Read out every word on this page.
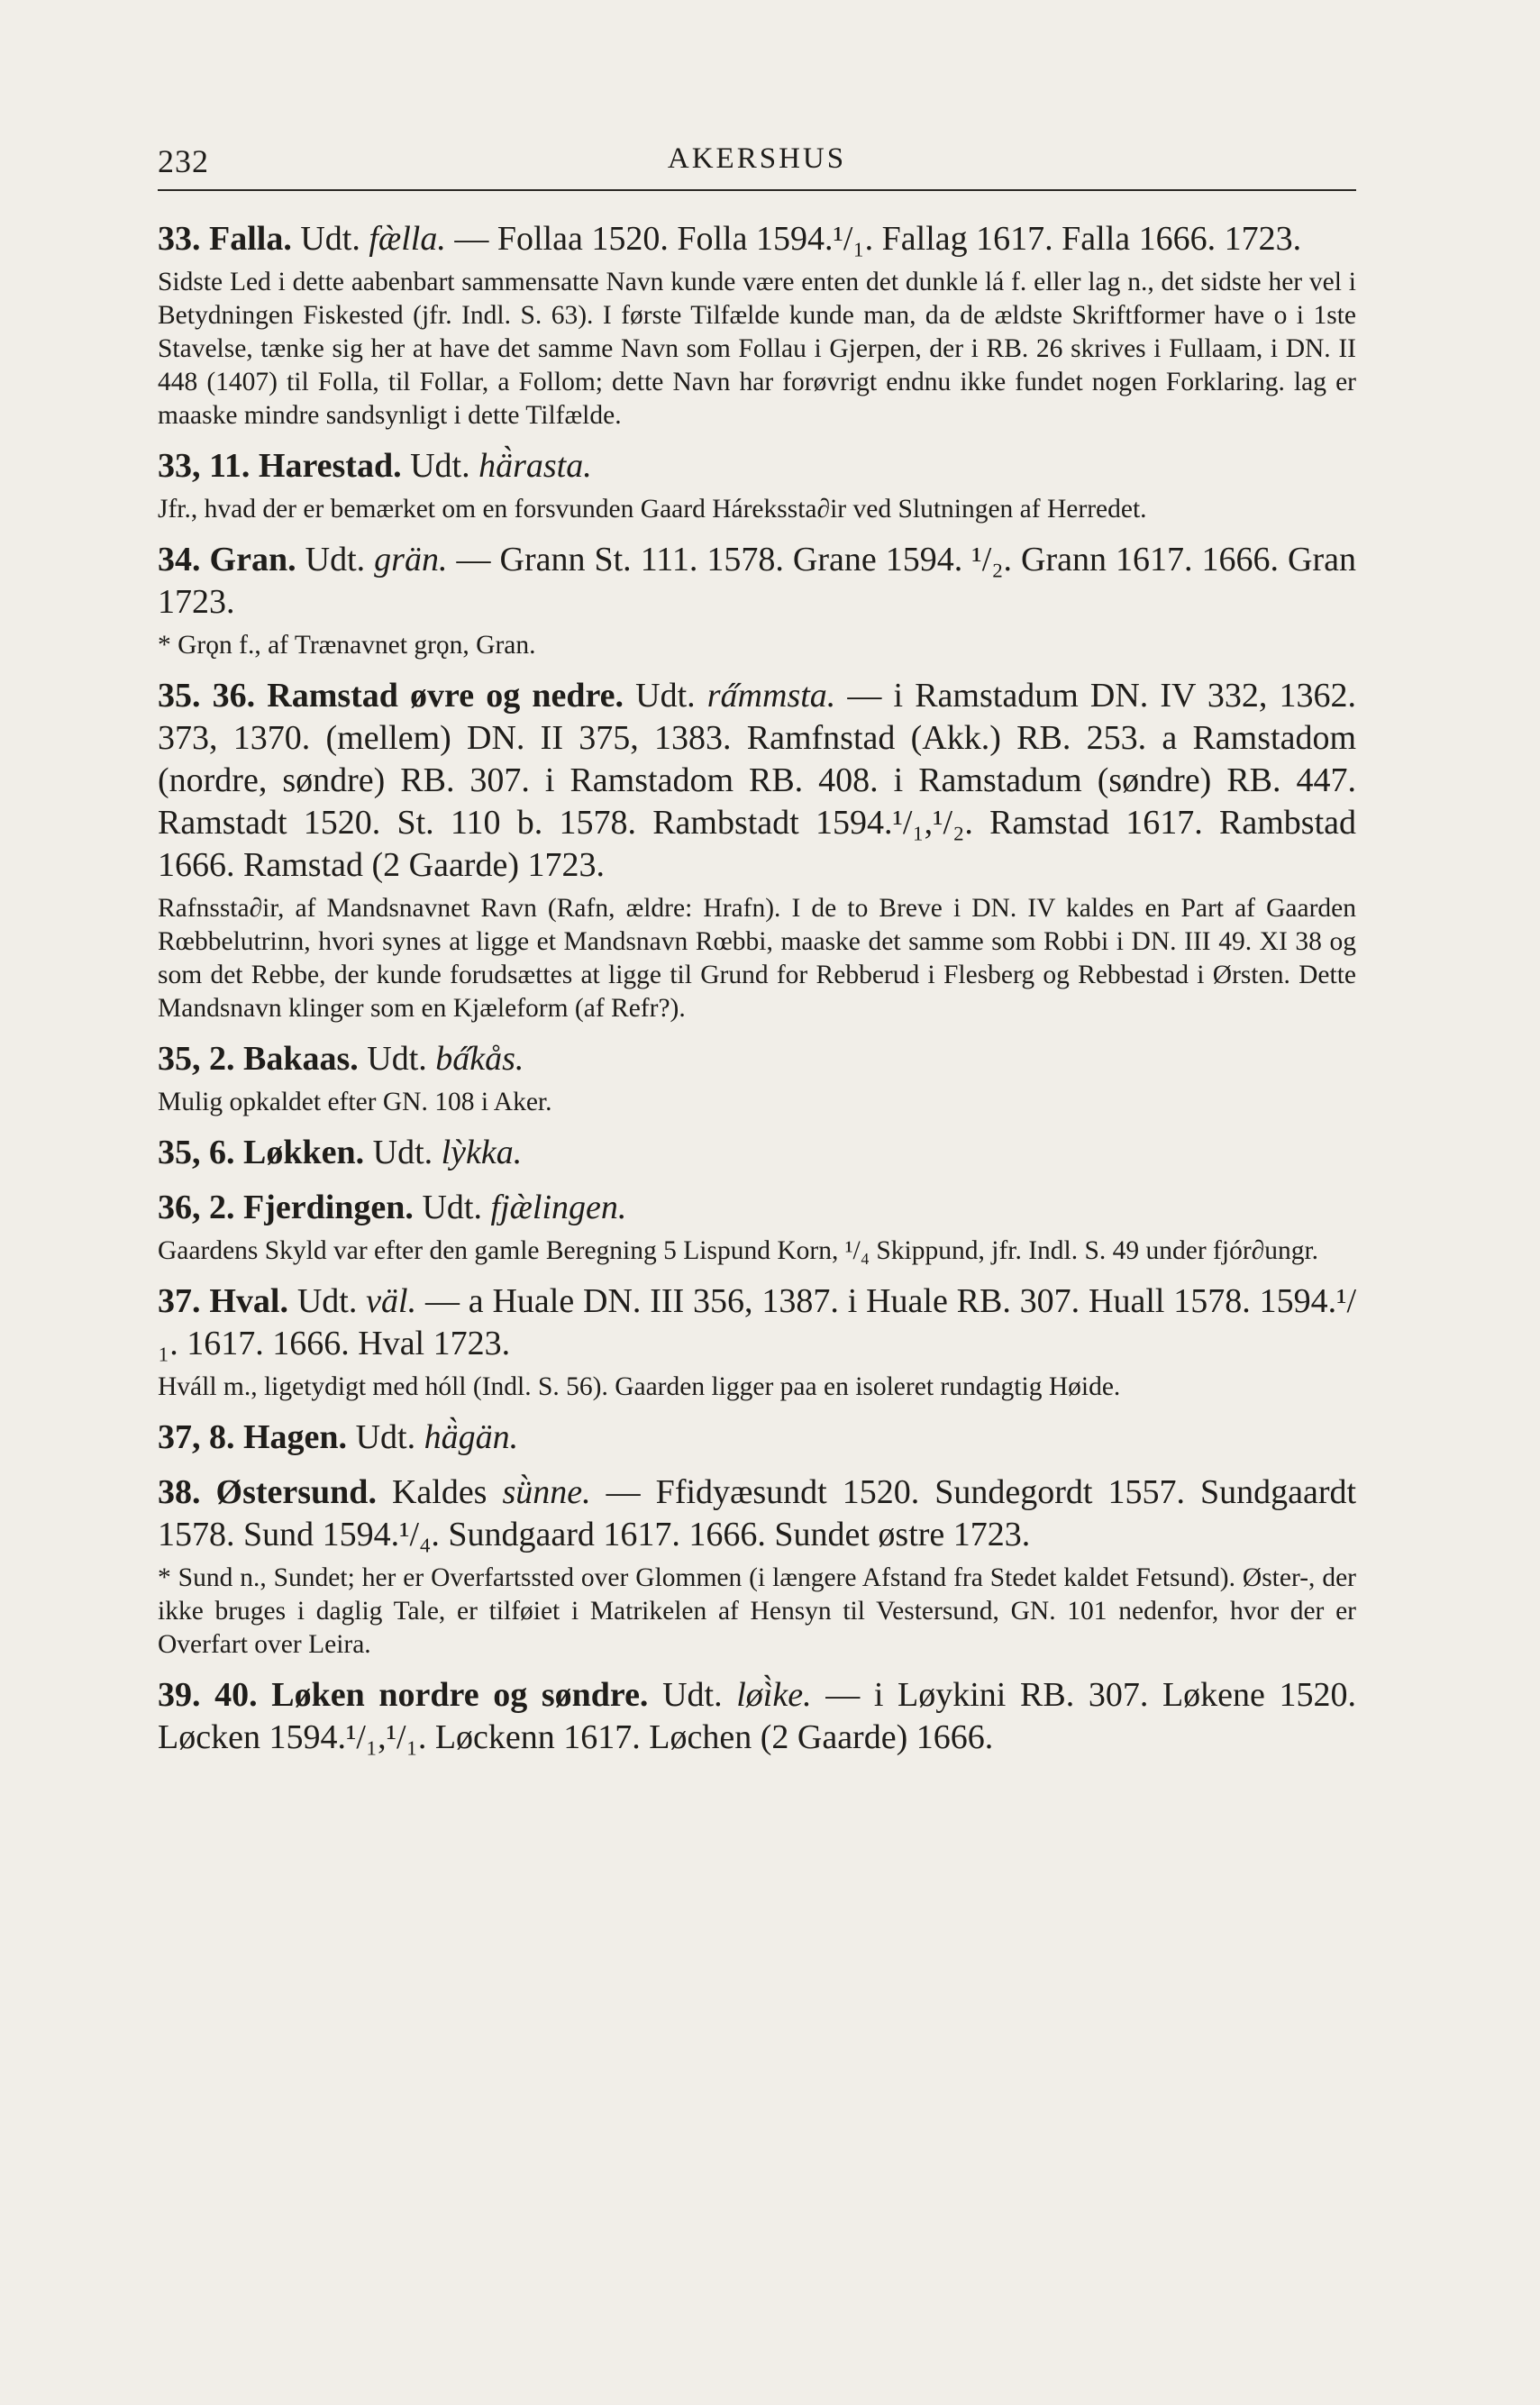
232	AKERSHUS

33. Falla. Udt. fæ̀lla. — Follaa 1520. Folla 1594.¹/₁. Fallag 1617. Falla 1666. 1723.

Sidste Led i dette aabenbart sammensatte Navn kunde være enten det dunkle lá f. eller lag n., det sidste her vel i Betydningen Fiskested (jfr. Indl. S. 63). I første Tilfælde kunde man, da de ældste Skriftformer have o i 1ste Stavelse, tænke sig her at have det samme Navn som Follau i Gjerpen, der i RB. 26 skrives i Fullaam, i DN. II 448 (1407) til Folla, til Follar, a Follom; dette Navn har forøvrigt endnu ikke fundet nogen Forklaring. lag er maaske mindre sandsynligt i dette Tilfælde.

33, 11. Harestad. Udt. hä̀rasta.

Jfr., hvad der er bemærket om en forsvunden Gaard Hárekssta∂ir ved Slutningen af Herredet.

34. Gran. Udt. grän. — Grann St. 111. 1578. Grane 1594. ¹/₂. Grann 1617. 1666. Gran 1723.

* Grǫn f., af Trænavnet grǫn, Gran.

35. 36. Ramstad øvre og nedre. Udt. ra̋mmsta. — i Ramstadum DN. IV 332, 1362. 373, 1370. (mellem) DN. II 375, 1383. Ramfnstad (Akk.) RB. 253. a Ramstadom (nordre, søndre) RB. 307. i Ramstadom RB. 408. i Ramstadum (søndre) RB. 447. Ramstadt 1520. St. 110 b. 1578. Rambstadt 1594.¹/₁,¹/₂. Ramstad 1617. Rambstad 1666. Ramstad (2 Gaarde) 1723.

Rafnssta∂ir, af Mandsnavnet Ravn (Rafn, ældre: Hrafn). I de to Breve i DN. IV kaldes en Part af Gaarden Rœbbelutrinn, hvori synes at ligge et Mandsnavn Rœbbi, maaske det samme som Robbi i DN. III 49. XI 38 og som det Rebbe, der kunde forudsættes at ligge til Grund for Rebberud i Flesberg og Rebbestad i Ørsten. Dette Mandsnavn klinger som en Kjæleform (af Refr?).

35, 2. Bakaas. Udt. ba̋kås.

Mulig opkaldet efter GN. 108 i Aker.

35, 6. Løkken. Udt. lỳkka.

36, 2. Fjerdingen. Udt. fjæ̀lingen.

Gaardens Skyld var efter den gamle Beregning 5 Lispund Korn, ¹/₄ Skippund, jfr. Indl. S. 49 under fjór∂ungr.

37. Hval. Udt. väl. — a Huale DN. III 356, 1387. i Huale RB. 307. Huall 1578. 1594.¹/₁. 1617. 1666. Hval 1723.

Hváll m., ligetydigt med hóll (Indl. S. 56). Gaarden ligger paa en isoleret rundagtig Høide.

37, 8. Hagen. Udt. hä̀gän.

38. Østersund. Kaldes sǜnne. — Ffidyæsundt 1520. Sundegordt 1557. Sundgaardt 1578. Sund 1594.¹/₄. Sundgaard 1617. 1666. Sundet østre 1723.

* Sund n., Sundet; her er Overfartssted over Glommen (i længere Afstand fra Stedet kaldet Fetsund). Øster-, der ikke bruges i daglig Tale, er tilføiet i Matrikelen af Hensyn til Vestersund, GN. 101 nedenfor, hvor der er Overfart over Leira.

39. 40. Løken nordre og søndre. Udt. løì̀ke. — i Løykini RB. 307. Løkene 1520. Løcken 1594.¹/₁,¹/₁. Løckenn 1617. Løchen (2 Gaarde) 1666.
